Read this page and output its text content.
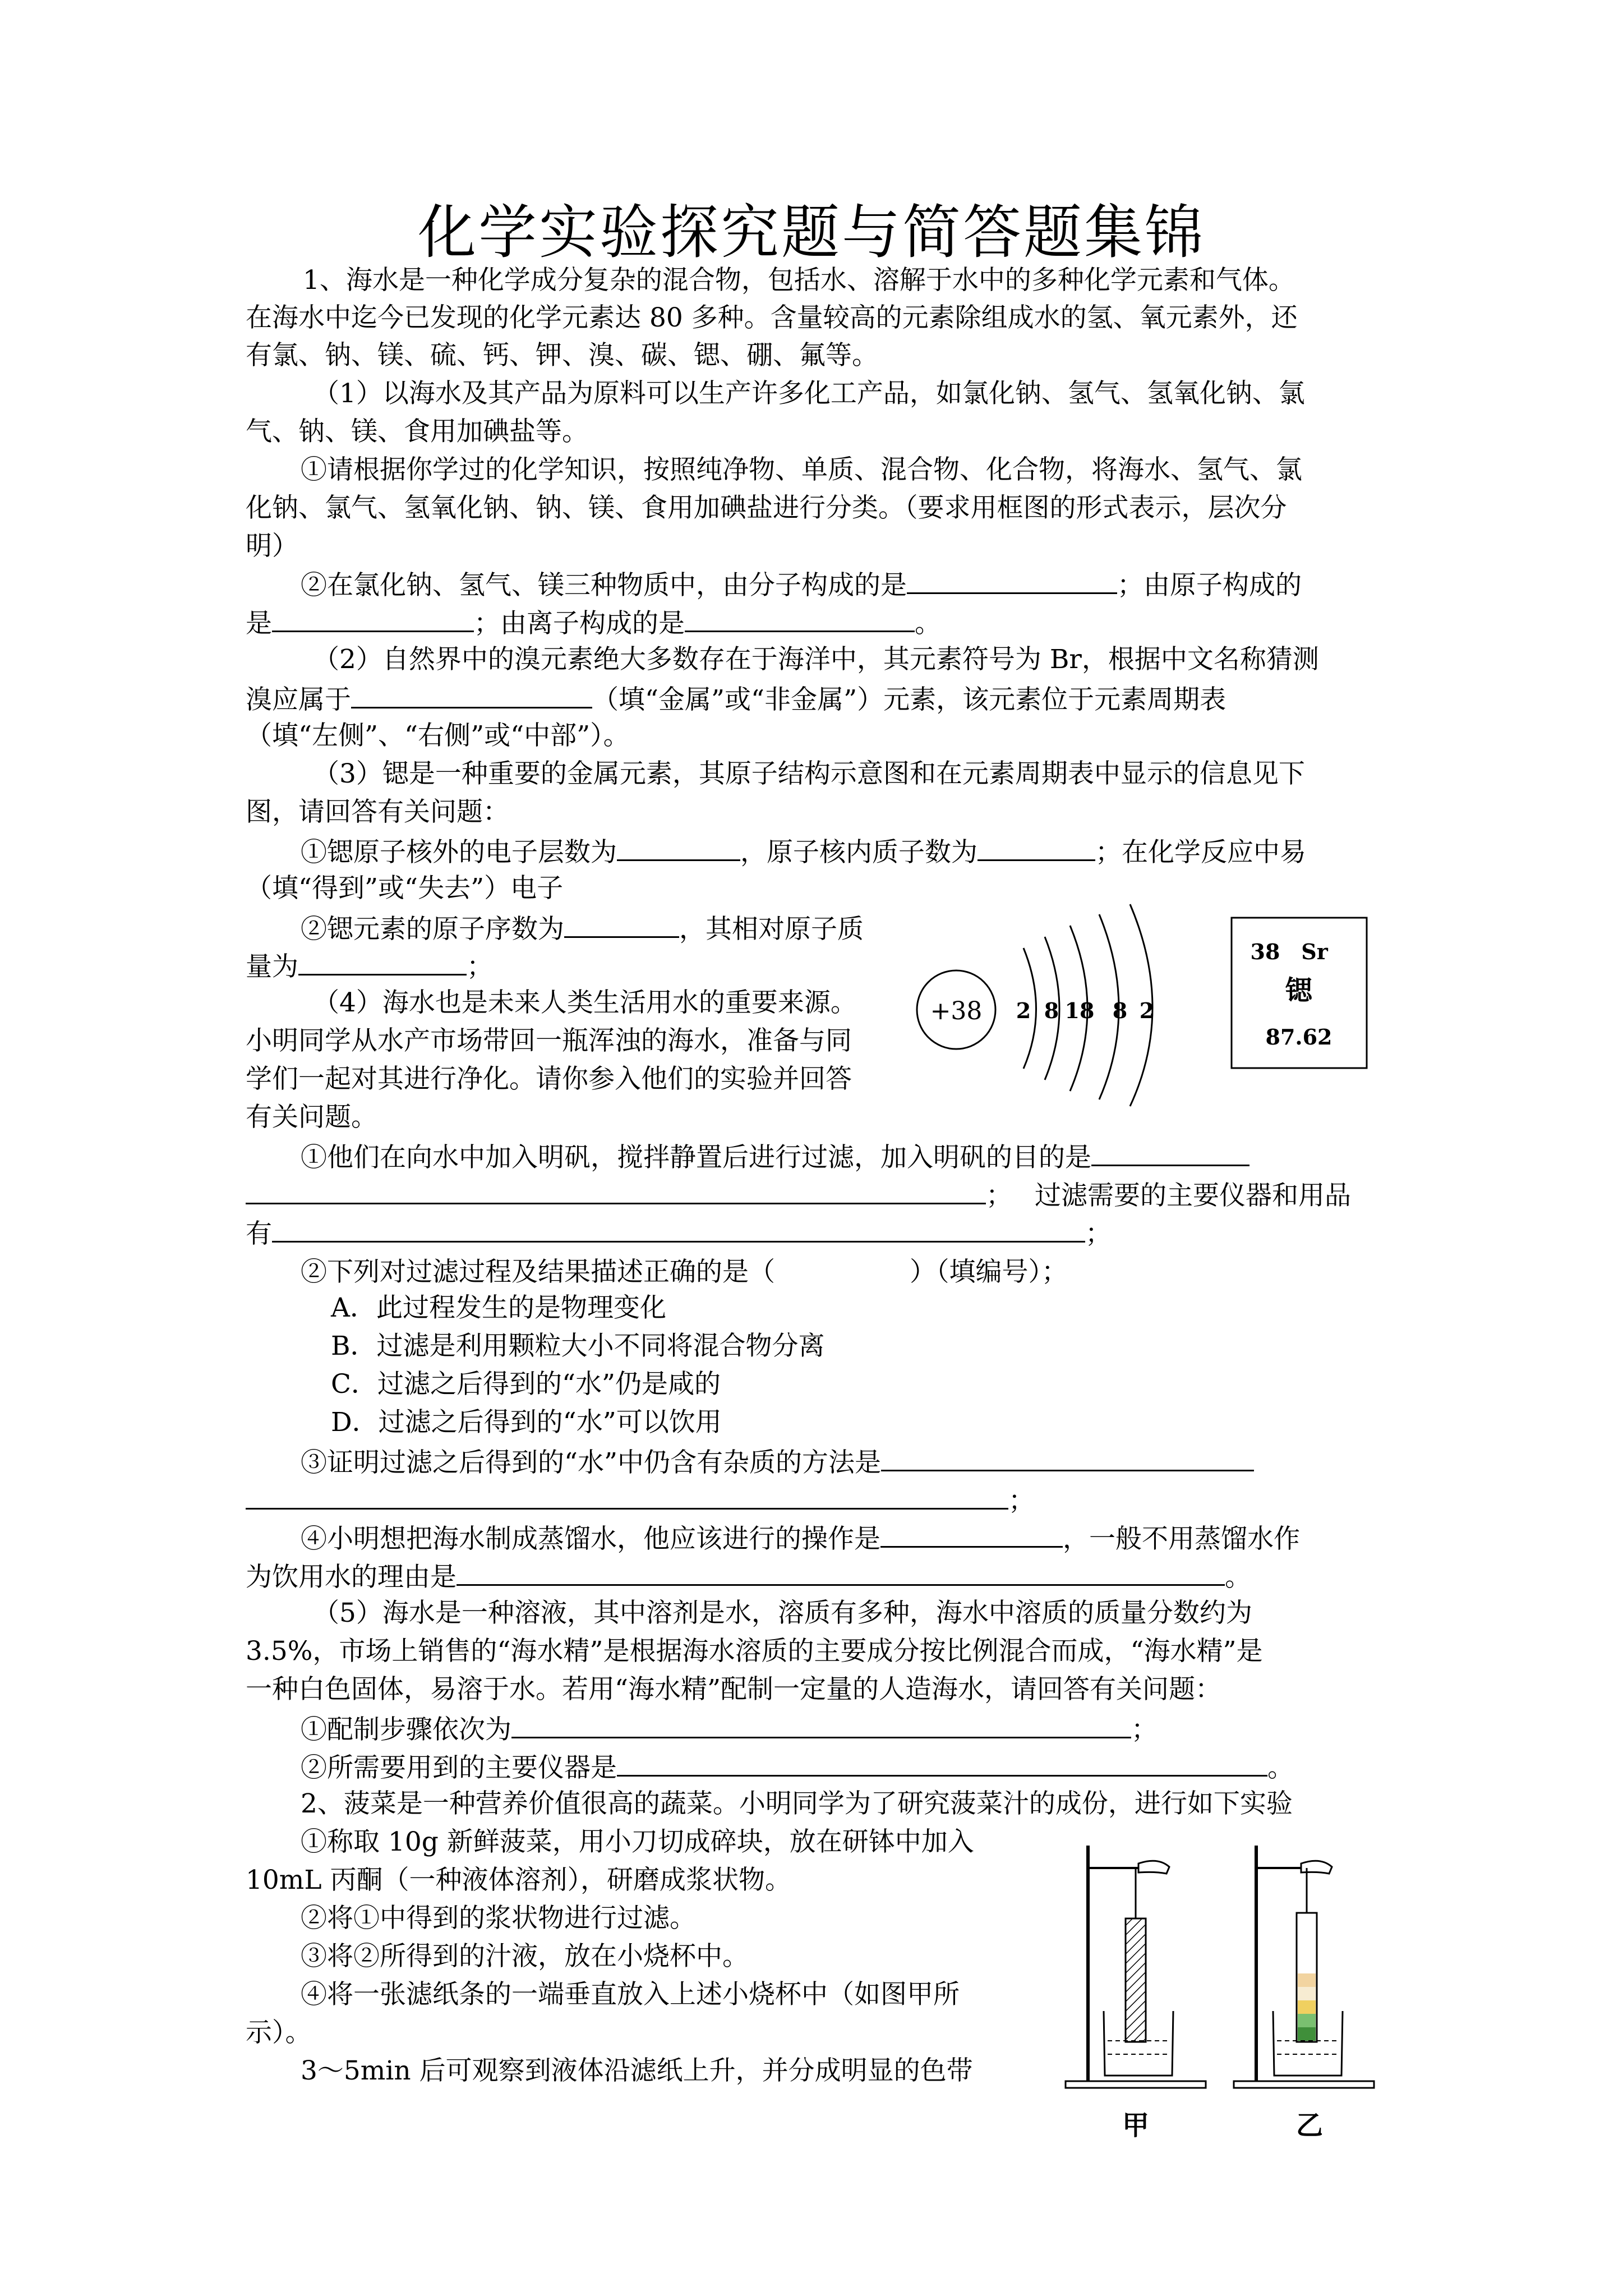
化学实验探究题与简答题集锦
1、海水是一种化学成分复杂的混合物，包括水、溶解于水中的多种化学元素和气体。
在海水中迄今已发现的化学元素达 80 多种。含量较高的元素除组成水的氢、氧元素外，还
有氯、钠、镁、硫、钙、钾、溴、碳、锶、硼、氟等。
（1）以海水及其产品为原料可以生产许多化工产品，如氯化钠、氢气、氢氧化钠、氯
气、钠、镁、食用加碘盐等。
①请根据你学过的化学知识，按照纯净物、单质、混合物、化合物，将海水、氢气、氯
化钠、氯气、氢氧化钠、钠、镁、食用加碘盐进行分类。（要求用框图的形式表示，层次分
明）
②在氯化钠、氢气、镁三种物质中，由分子构成的是	；由原子构成的
是	；由离子构成的是	。
（2）自然界中的溴元素绝大多数存在于海洋中，其元素符号为 Br，根据中文名称猜测
溴应属于	（填“金属”或“非金属”）元素，该元素位于元素周期表
（填“左侧”、“右侧”或“中部”）。
（3）锶是一种重要的金属元素，其原子结构示意图和在元素周期表中显示的信息见下
图，请回答有关问题：
①锶原子核外的电子层数为	，原子核内质子数为	；在化学反应中易
（填“得到”或“失去”）电子
②锶元素的原子序数为	，其相对原子质
量为	；
（4）海水也是未来人类生活用水的重要来源。
小明同学从水产市场带回一瓶浑浊的海水，准备与同
学们一起对其进行净化。请你参入他们的实验并回答
有关问题。
+38 2 8 18 8 2
38 Sr
锶
87.62
①他们在向水中加入明矾，搅拌静置后进行过滤，加入明矾的目的是
； 过滤需要的主要仪器和用品
有	；
②下列对过滤过程及结果描述正确的是（	）（填编号）；
A．此过程发生的是物理变化
B．过滤是利用颗粒大小不同将混合物分离
C．过滤之后得到的“水”仍是咸的
D．过滤之后得到的“水”可以饮用
③证明过滤之后得到的“水”中仍含有杂质的方法是
；
④小明想把海水制成蒸馏水，他应该进行的操作是	，一般不用蒸馏水作
为饮用水的理由是	。
（5）海水是一种溶液，其中溶剂是水，溶质有多种，海水中溶质的质量分数约为
3.5%，市场上销售的“海水精”是根据海水溶质的主要成分按比例混合而成，“海水精”是
一种白色固体，易溶于水。若用“海水精”配制一定量的人造海水，请回答有关问题：
①配制步骤依次为	；
②所需要用到的主要仪器是	。
2、菠菜是一种营养价值很高的蔬菜。小明同学为了研究菠菜汁的成份，进行如下实验
①称取 10g 新鲜菠菜，用小刀切成碎块，放在研钵中加入
10mL 丙酮（一种液体溶剂），研磨成浆状物。
②将①中得到的浆状物进行过滤。
③将②所得到的汁液，放在小烧杯中。
④将一张滤纸条的一端垂直放入上述小烧杯中（如图甲所
示）。
3～5min 后可观察到液体沿滤纸上升，并分成明显的色带
甲	乙
